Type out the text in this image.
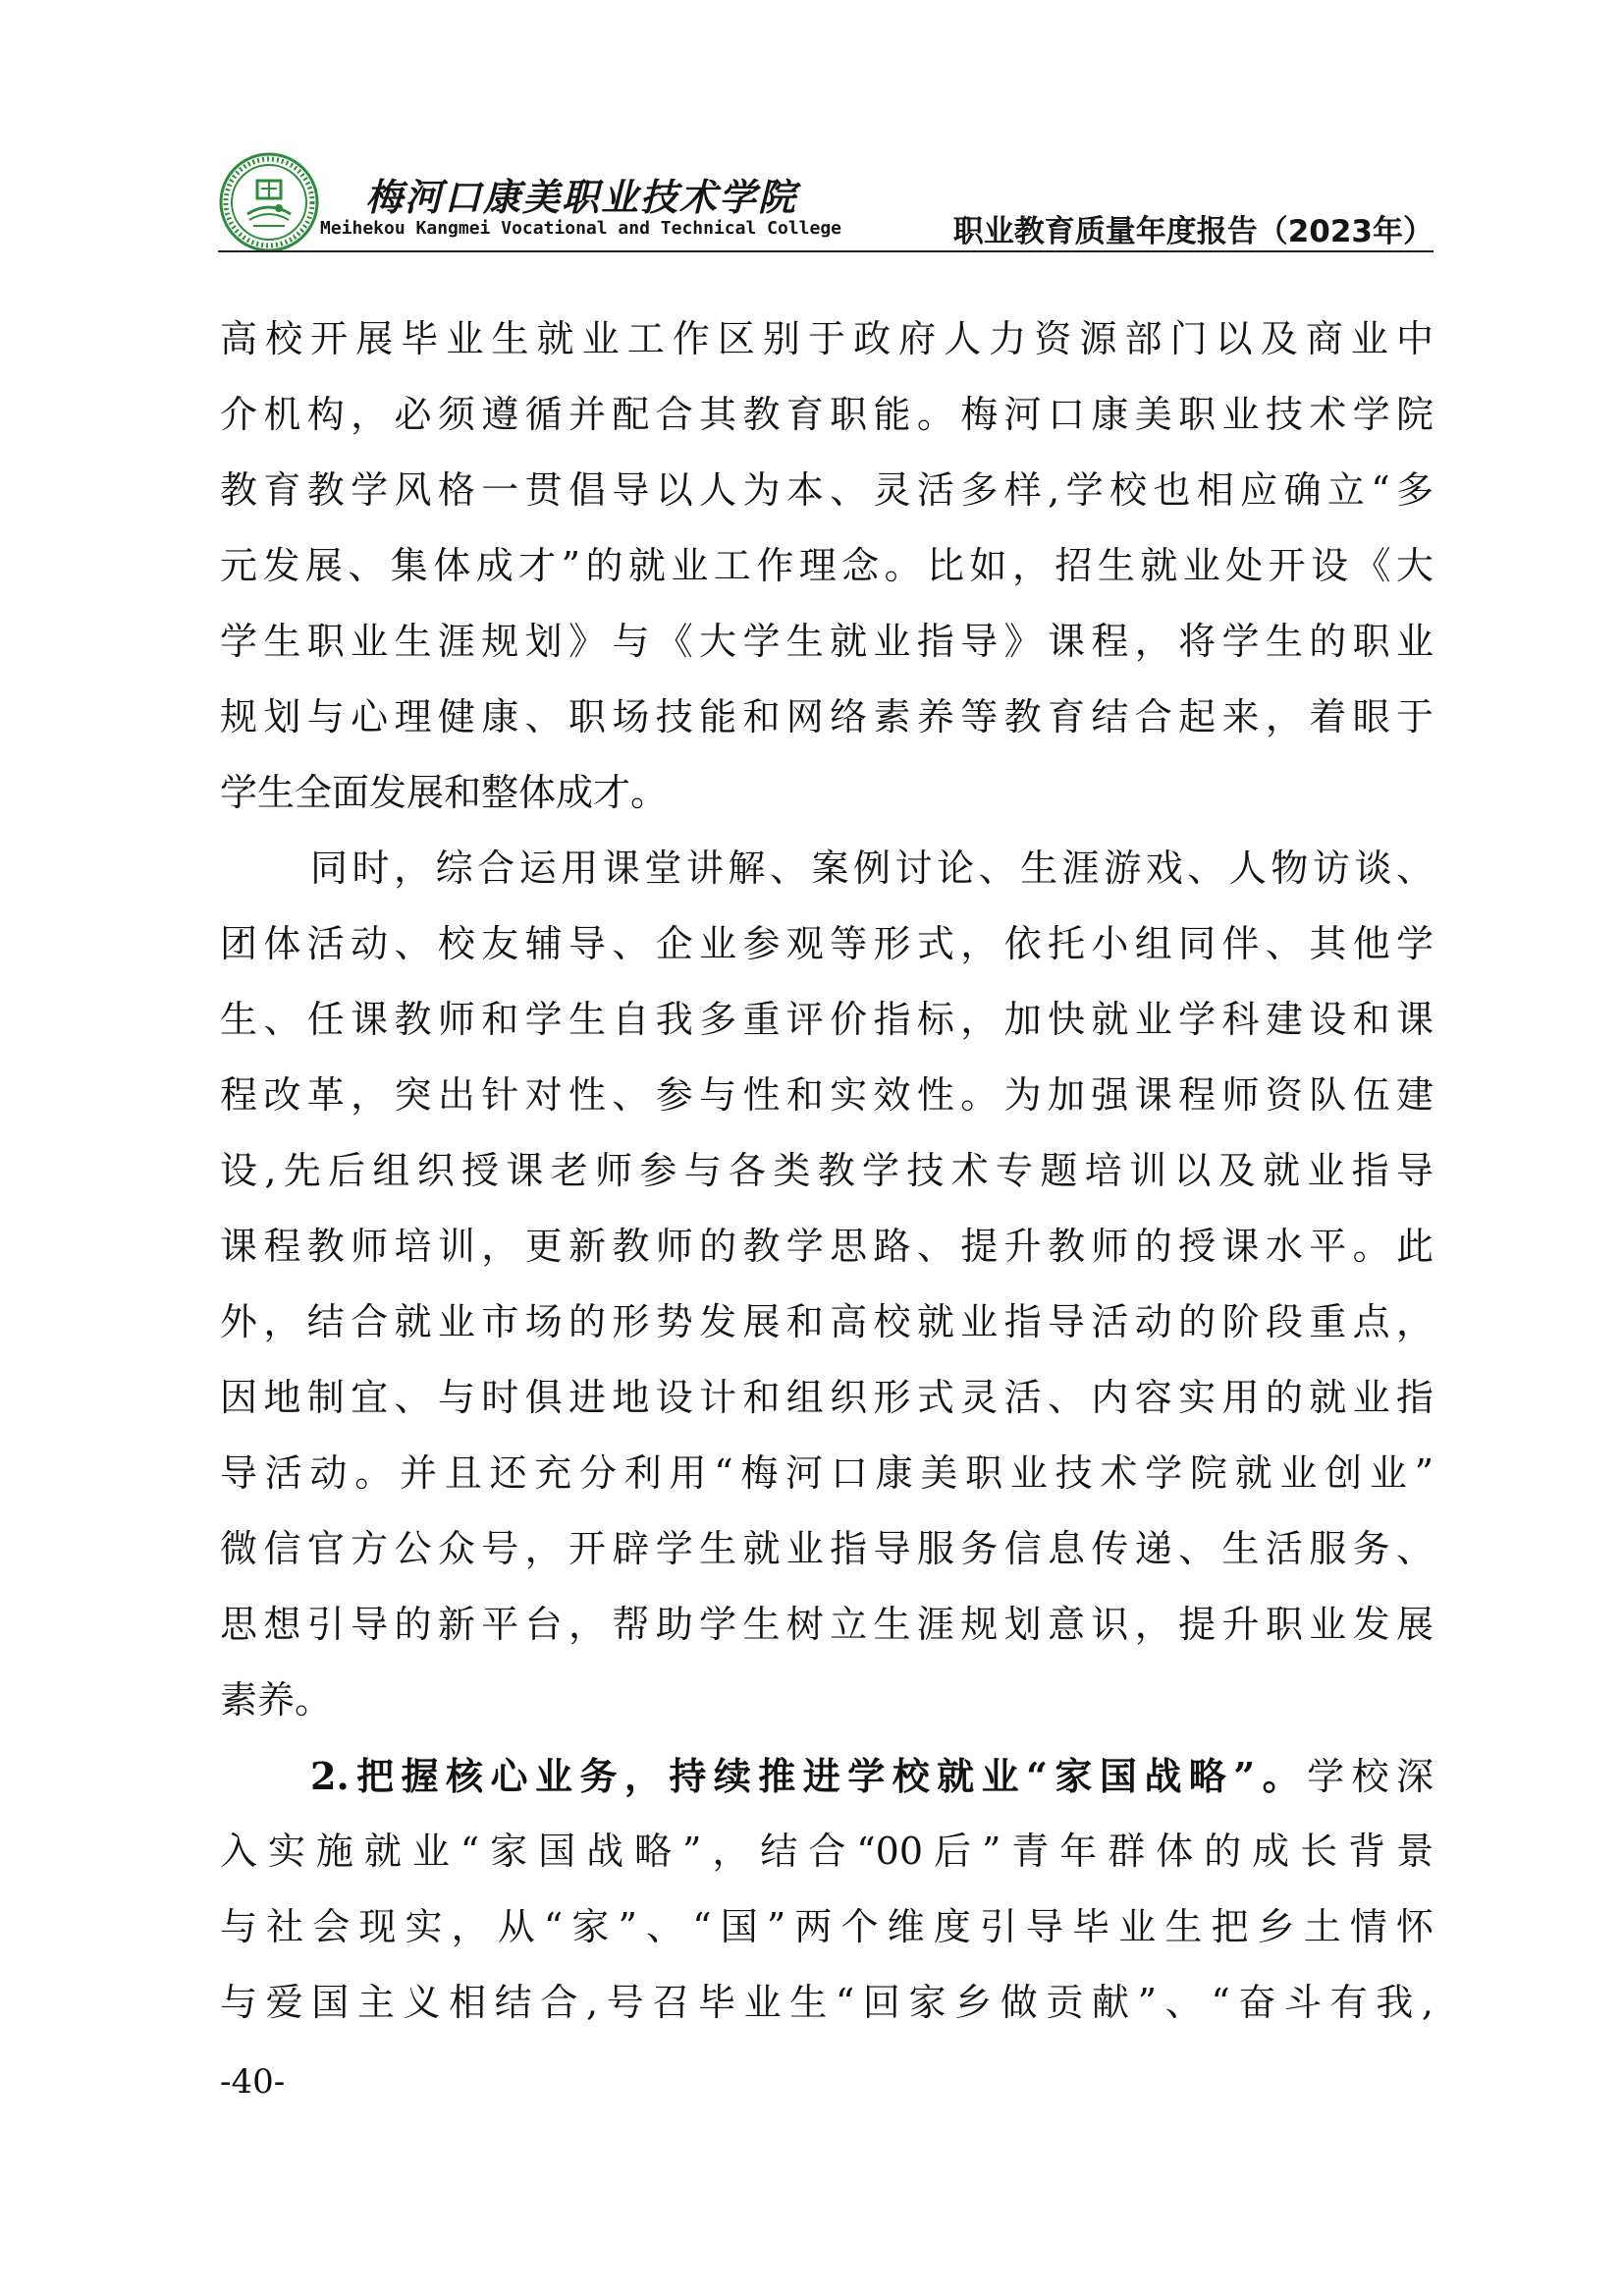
梅河口康美职业技术学院
Meihekou Kangmei Vocational and Technical College	职业教育质量年度报告（2023年）
高校开展毕业生就业工作区别于政府人力资源部门以及商业中
介机构，必须遵循并配合其教育职能。梅河口康美职业技术学院
教育教学风格一贯倡导以人为本、灵活多样,学校也相应确立“多
元发展、集体成才”的就业工作理念。比如，招生就业处开设《大
学生职业生涯规划》与《大学生就业指导》课程，将学生的职业
规划与心理健康、职场技能和网络素养等教育结合起来，着眼于
学生全面发展和整体成才。
同时，综合运用课堂讲解、案例讨论、生涯游戏、人物访谈、
团体活动、校友辅导、企业参观等形式，依托小组同伴、其他学
生、任课教师和学生自我多重评价指标，加快就业学科建设和课
程改革，突出针对性、参与性和实效性。为加强课程师资队伍建
设,先后组织授课老师参与各类教学技术专题培训以及就业指导
课程教师培训，更新教师的教学思路、提升教师的授课水平。此
外，结合就业市场的形势发展和高校就业指导活动的阶段重点，
因地制宜、与时俱进地设计和组织形式灵活、内容实用的就业指
导活动。并且还充分利用“梅河口康美职业技术学院就业创业”
微信官方公众号，开辟学生就业指导服务信息传递、生活服务、
思想引导的新平台，帮助学生树立生涯规划意识，提升职业发展
素养。
2.把握核心业务，持续推进学校就业“家国战略”。学校深
入实施就业“家国战略”，结合“00后”青年群体的成长背景
与社会现实，从“家”、“国”两个维度引导毕业生把乡土情怀
与爱国主义相结合,号召毕业生“回家乡做贡献”、“奋斗有我,
-40-
